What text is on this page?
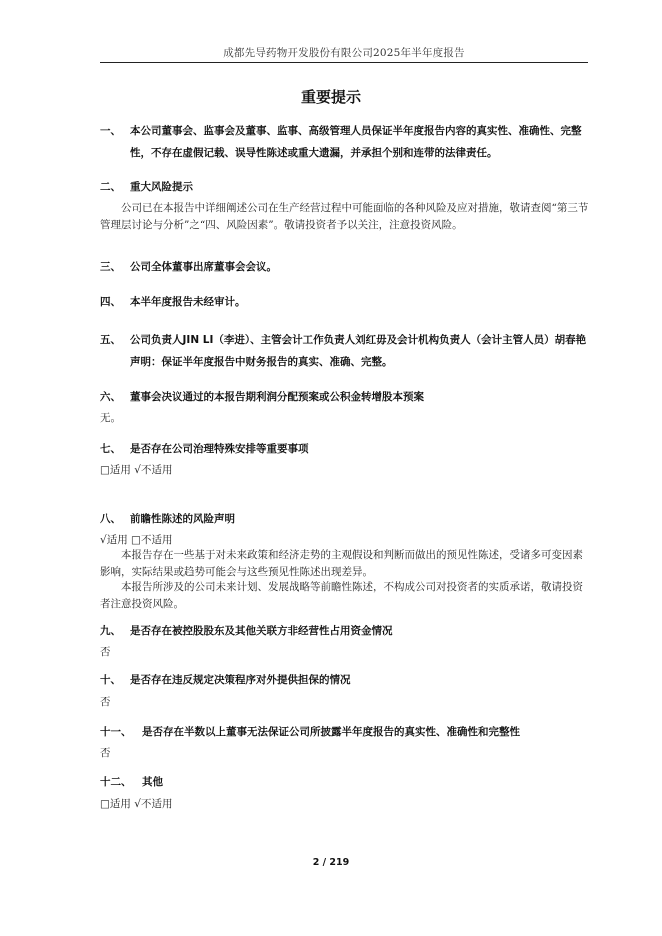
成都先导药物开发股份有限公司2025年半年度报告
重要提示
一、 本公司董事会、监事会及董事、监事、高级管理人员保证半年度报告内容的真实性、准确性、完整性，不存在虚假记载、误导性陈述或重大遗漏，并承担个别和连带的法律责任。
二、 重大风险提示
公司已在本报告中详细阐述公司在生产经营过程中可能面临的各种风险及应对措施，敬请查阅“第三节管理层讨论与分析”之“四、风险因素”。敬请投资者予以关注，注意投资风险。
三、 公司全体董事出席董事会会议。
四、 本半年度报告未经审计。
五、 公司负责人JIN LI（李进）、主管会计工作负责人刘红毋及会计机构负责人（会计主管人员）胡春艳声明：保证半年度报告中财务报告的真实、准确、完整。
六、 董事会决议通过的本报告期利润分配预案或公积金转增股本预案
无。
七、 是否存在公司治理特殊安排等重要事项
□适用 √不适用
八、 前瞻性陈述的风险声明
√适用 □不适用
本报告存在一些基于对未来政策和经济走势的主观假设和判断而做出的预见性陈述，受诸多可变因素影响，实际结果或趋势可能会与这些预见性陈述出现差异。
本报告所涉及的公司未来计划、发展战略等前瞻性陈述，不构成公司对投资者的实质承诺，敬请投资者注意投资风险。
九、 是否存在被控股股东及其他关联方非经营性占用资金情况
否
十、 是否存在违反规定决策程序对外提供担保的情况
否
十一、	是否存在半数以上董事无法保证公司所披露半年度报告的真实性、准确性和完整性
否
十二、	其他
□适用 √不适用
2 / 219
